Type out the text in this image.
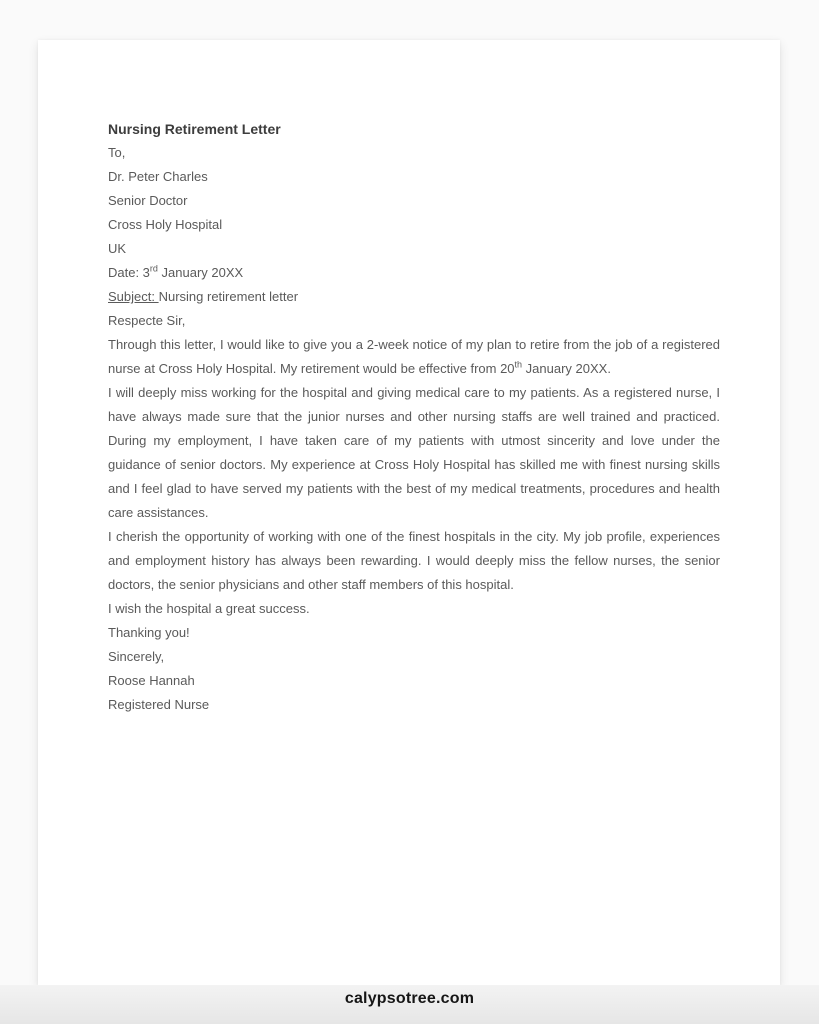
Nursing Retirement Letter

To,

Dr. Peter Charles

Senior Doctor

Cross Holy Hospital

UK

Date: 3rd January 20XX

Subject: Nursing retirement letter

Respecte Sir,

Through this letter, I would like to give you a 2-week notice of my plan to retire from the job of a registered nurse at Cross Holy Hospital. My retirement would be effective from 20th January 20XX.

I will deeply miss working for the hospital and giving medical care to my patients. As a registered nurse, I have always made sure that the junior nurses and other nursing staffs are well trained and practiced. During my employment, I have taken care of my patients with utmost sincerity and love under the guidance of senior doctors. My experience at Cross Holy Hospital has skilled me with finest nursing skills and I feel glad to have served my patients with the best of my medical treatments, procedures and health care assistances.

I cherish the opportunity of working with one of the finest hospitals in the city. My job profile, experiences and employment history has always been rewarding. I would deeply miss the fellow nurses, the senior doctors, the senior physicians and other staff members of this hospital.

I wish the hospital a great success.

Thanking you!

Sincerely,

Roose Hannah

Registered Nurse

calypsotree.com
